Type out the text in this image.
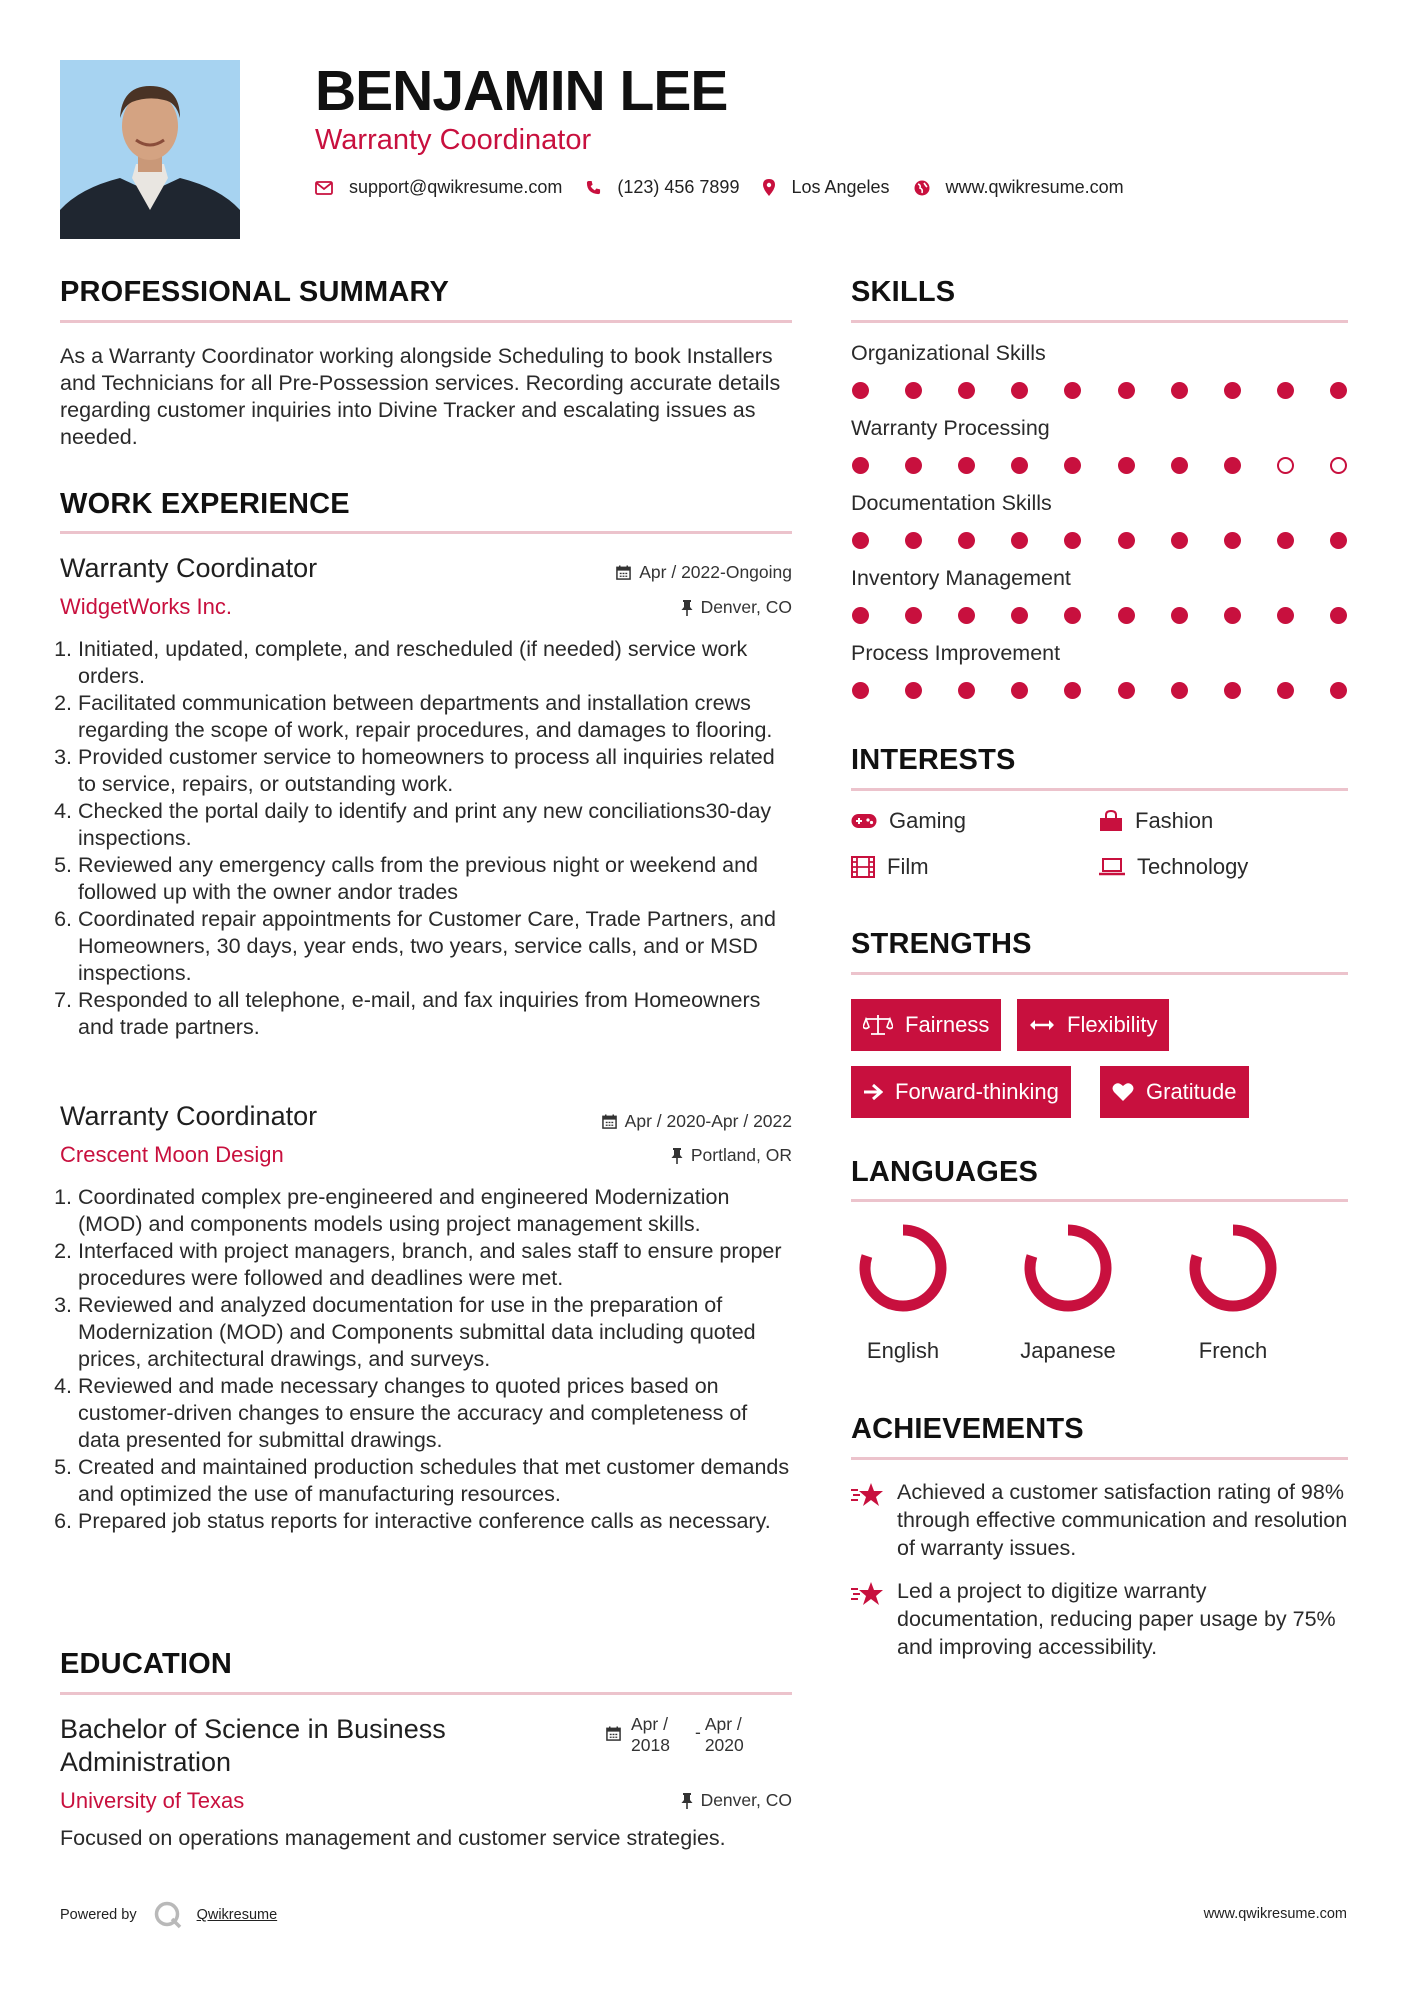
BENJAMIN LEE
Warranty Coordinator
support@qwikresume.com	(123) 456 7899	Los Angeles	www.qwikresume.com
PROFESSIONAL SUMMARY
As a Warranty Coordinator working alongside Scheduling to book Installers and Technicians for all Pre-Possession services. Recording accurate details regarding customer inquiries into Divine Tracker and escalating issues as needed.
WORK EXPERIENCE
Warranty Coordinator	Apr / 2022-Ongoing
WidgetWorks Inc.	Denver, CO
1. Initiated, updated, complete, and rescheduled (if needed) service work orders.
2. Facilitated communication between departments and installation crews regarding the scope of work, repair procedures, and damages to flooring.
3. Provided customer service to homeowners to process all inquiries related to service, repairs, or outstanding work.
4. Checked the portal daily to identify and print any new conciliations30-day inspections.
5. Reviewed any emergency calls from the previous night or weekend and followed up with the owner andor trades
6. Coordinated repair appointments for Customer Care, Trade Partners, and Homeowners, 30 days, year ends, two years, service calls, and or MSD inspections.
7. Responded to all telephone, e-mail, and fax inquiries from Homeowners and trade partners.
Warranty Coordinator	Apr / 2020-Apr / 2022
Crescent Moon Design	Portland, OR
1. Coordinated complex pre-engineered and engineered Modernization (MOD) and components models using project management skills.
2. Interfaced with project managers, branch, and sales staff to ensure proper procedures were followed and deadlines were met.
3. Reviewed and analyzed documentation for use in the preparation of Modernization (MOD) and Components submittal data including quoted prices, architectural drawings, and surveys.
4. Reviewed and made necessary changes to quoted prices based on customer-driven changes to ensure the accuracy and completeness of data presented for submittal drawings.
5. Created and maintained production schedules that met customer demands and optimized the use of manufacturing resources.
6. Prepared job status reports for interactive conference calls as necessary.
EDUCATION
Bachelor of Science in Business Administration
Apr / 2018
- Apr / 2020
University of Texas	Denver, CO
Focused on operations management and customer service strategies.
SKILLS
Organizational Skills
Warranty Processing
Documentation Skills
Inventory Management
Process Improvement
INTERESTS
Gaming	Fashion
Film	Technology
STRENGTHS
Fairness	Flexibility
Forward-thinking	Gratitude
LANGUAGES
English	Japanese	French
ACHIEVEMENTS
Achieved a customer satisfaction rating of 98% through effective communication and resolution of warranty issues.
Led a project to digitize warranty documentation, reducing paper usage by 75% and improving accessibility.
Powered by	Qwikresume	www.qwikresume.com
